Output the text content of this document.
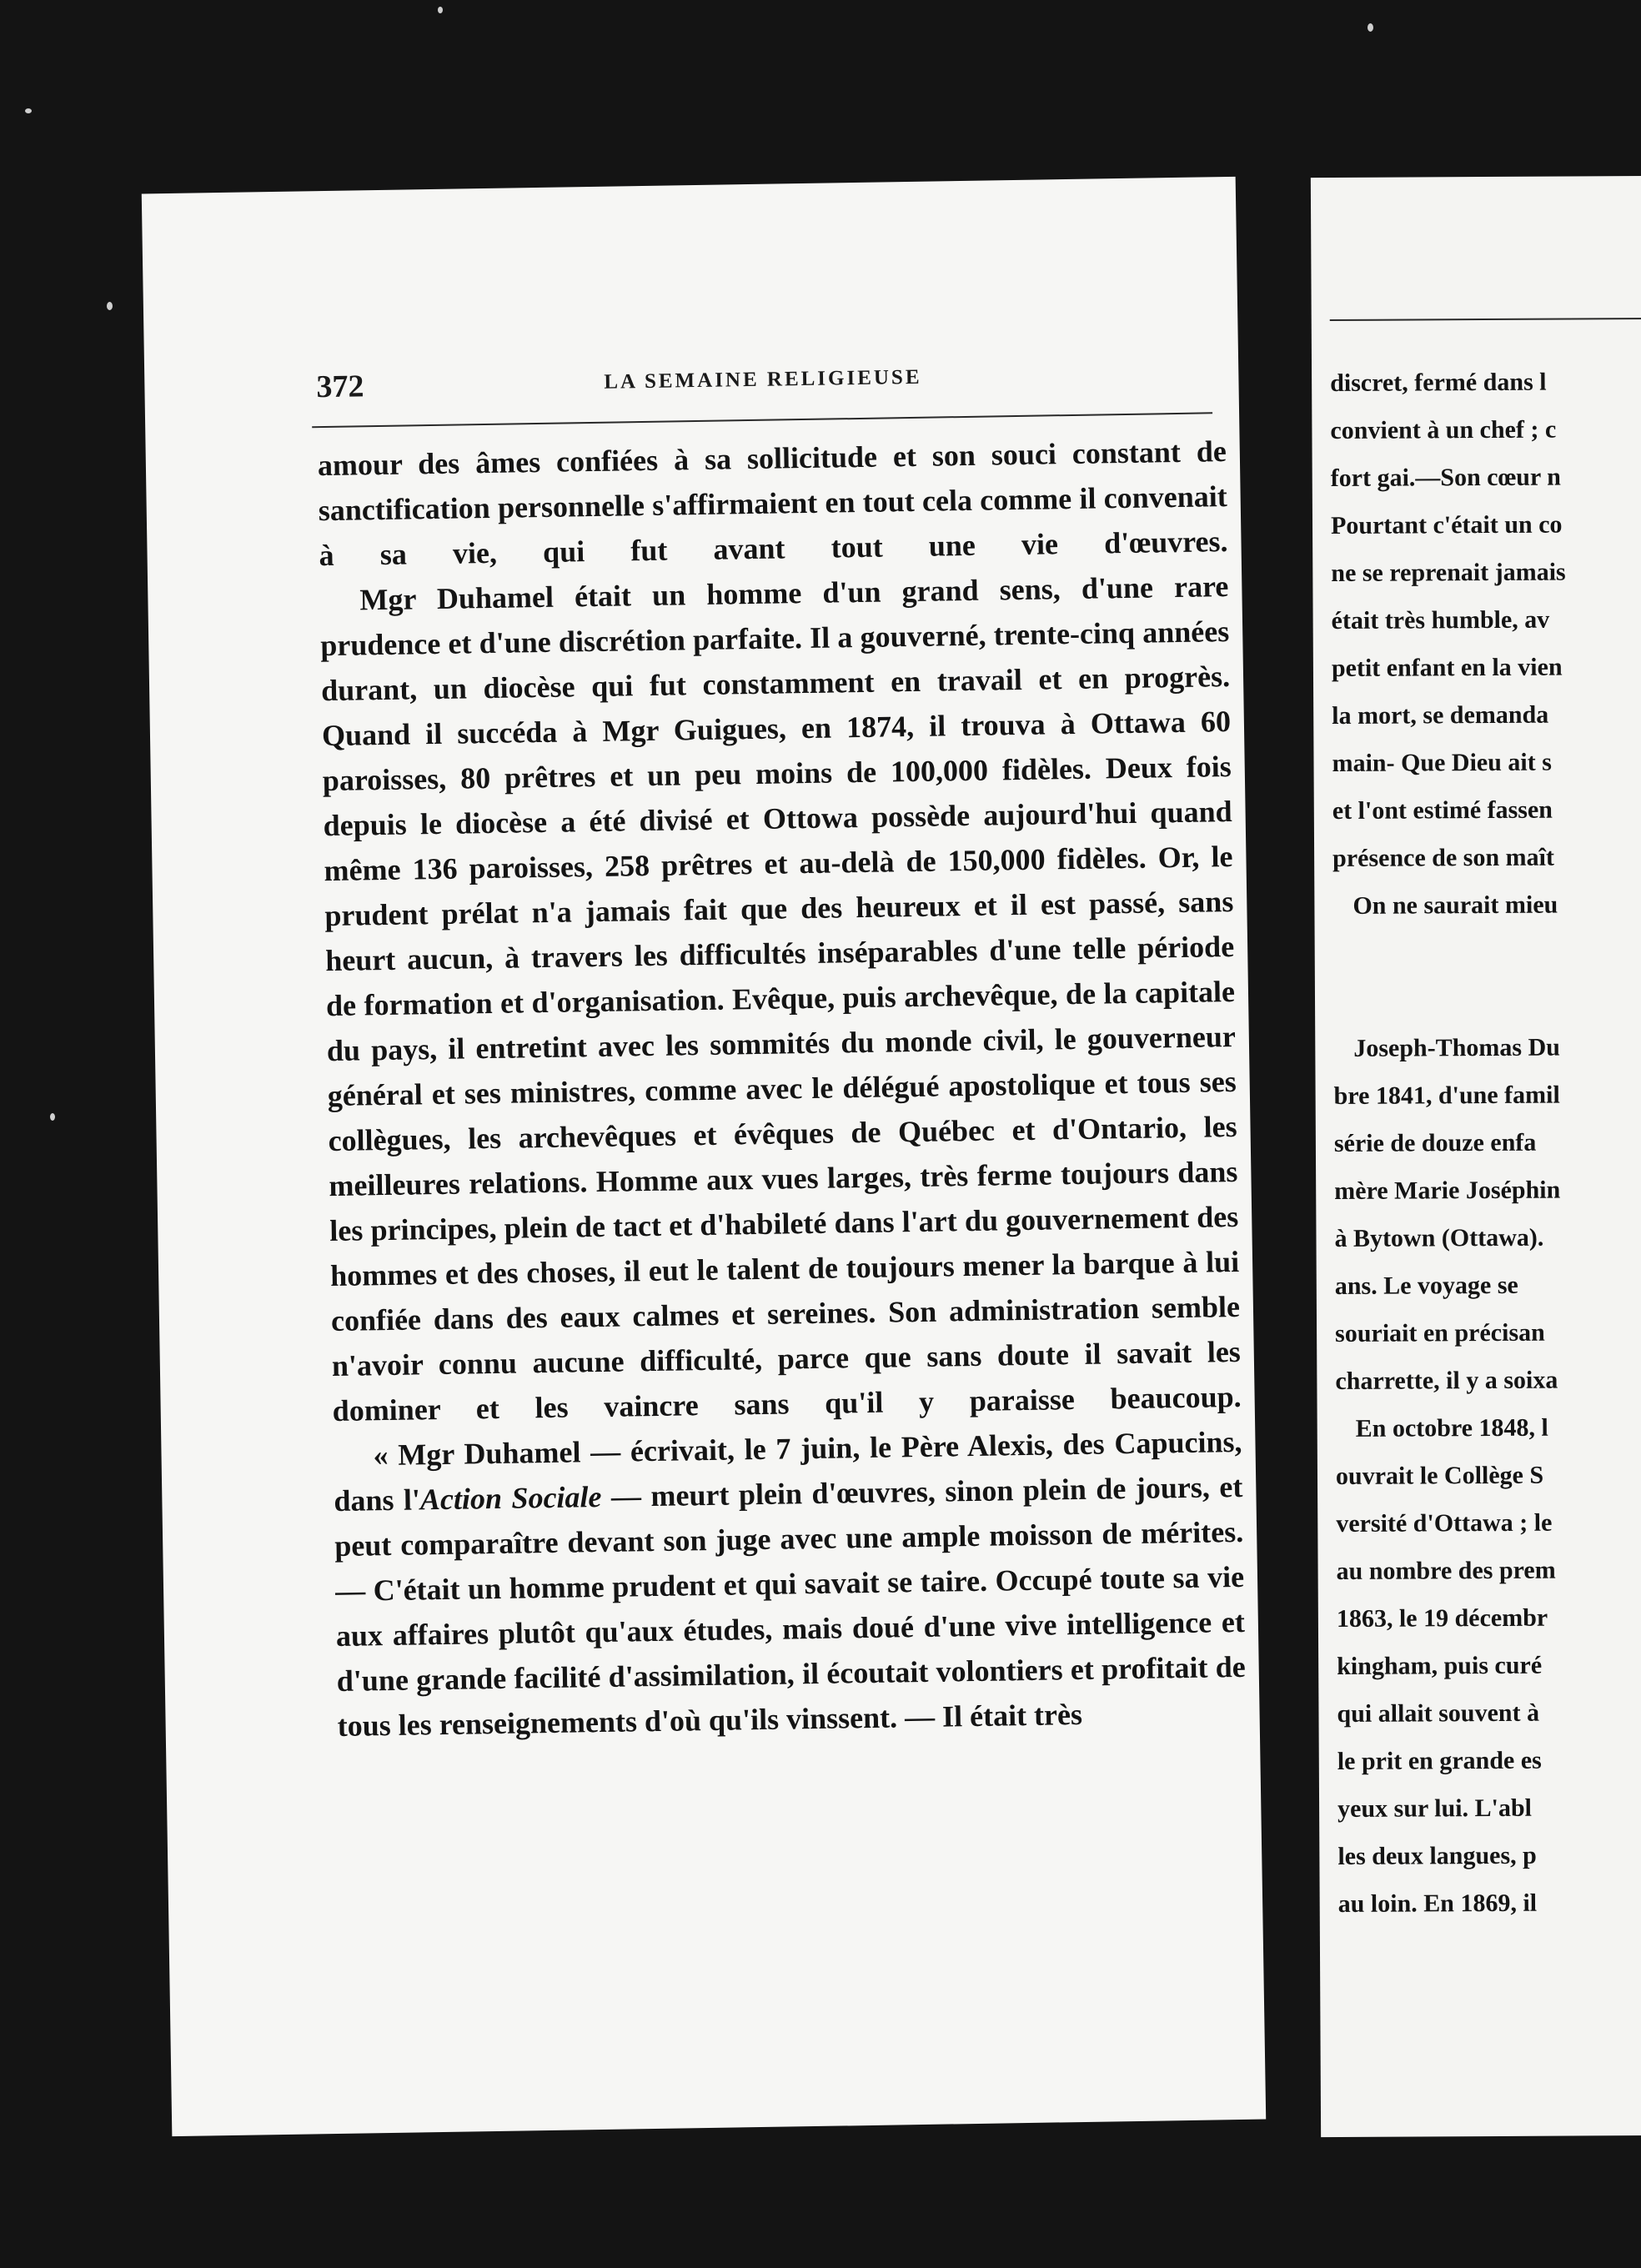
372	LA SEMAINE RELIGIEUSE

amour des âmes confiées à sa sollicitude et son souci constant de sanctification personnelle s'affirmaient en tout cela comme il convenait à sa vie, qui fut avant tout une vie d'œuvres.

Mgr Duhamel était un homme d'un grand sens, d'une rare prudence et d'une discrétion parfaite. Il a gouverné, trente-cinq années durant, un diocèse qui fut constamment en travail et en progrès. Quand il succéda à Mgr Guigues, en 1874, il trouva à Ottawa 60 paroisses, 80 prêtres et un peu moins de 100,000 fidèles. Deux fois depuis le diocèse a été divisé et Ottowa possède aujourd'hui quand même 136 paroisses, 258 prêtres et au-delà de 150,000 fidèles. Or, le prudent prélat n'a jamais fait que des heureux et il est passé, sans heurt aucun, à travers les difficultés inséparables d'une telle période de formation et d'organisation. Evêque, puis archevêque, de la capitale du pays, il entretint avec les sommités du monde civil, le gouverneur général et ses ministres, comme avec le délégué apostolique et tous ses collègues, les archevêques et évêques de Québec et d'Ontario, les meilleures relations. Homme aux vues larges, très ferme toujours dans les principes, plein de tact et d'habileté dans l'art du gouvernement des hommes et des choses, il eut le talent de toujours mener la barque à lui confiée dans des eaux calmes et sereines. Son administration semble n'avoir connu aucune difficulté, parce que sans doute il savait les dominer et les vaincre sans qu'il y paraisse beaucoup.

« Mgr Duhamel — écrivait, le 7 juin, le Père Alexis, des Capucins, dans l'Action Sociale — meurt plein d'œuvres, sinon plein de jours, et peut comparaître devant son juge avec une ample moisson de mérites. — C'était un homme prudent et qui savait se taire. Occupé toute sa vie aux affaires plutôt qu'aux études, mais doué d'une vive intelligence et d'une grande facilité d'assimilation, il écoutait volontiers et profitait de tous les renseignements d'où qu'ils vinssent. — Il était très

discret, fermé dans l
convient à un chef ; c
fort gai.—Son cœur n
Pourtant c'était un co
ne se reprenait jamais
était très humble, av
petit enfant en la vien
la mort, se demanda
main- Que Dieu ait s
et l'ont estimé fassen
présence de son maît
On ne saurait mieu
Joseph-Thomas Du
bre 1841, d'une famil
série de douze enfa
mère Marie Joséphin
à Bytown (Ottawa).
ans. Le voyage se
souriait en précisan
charrette, il y a soixa
En octobre 1848, l
ouvrait le Collège S
versité d'Ottawa ; le
au nombre des prem
1863, le 19 décembr
kingham, puis curé
qui allait souvent à
le prit en grande es
yeux sur lui. L'abl
les deux langues, p
au loin. En 1869, il
